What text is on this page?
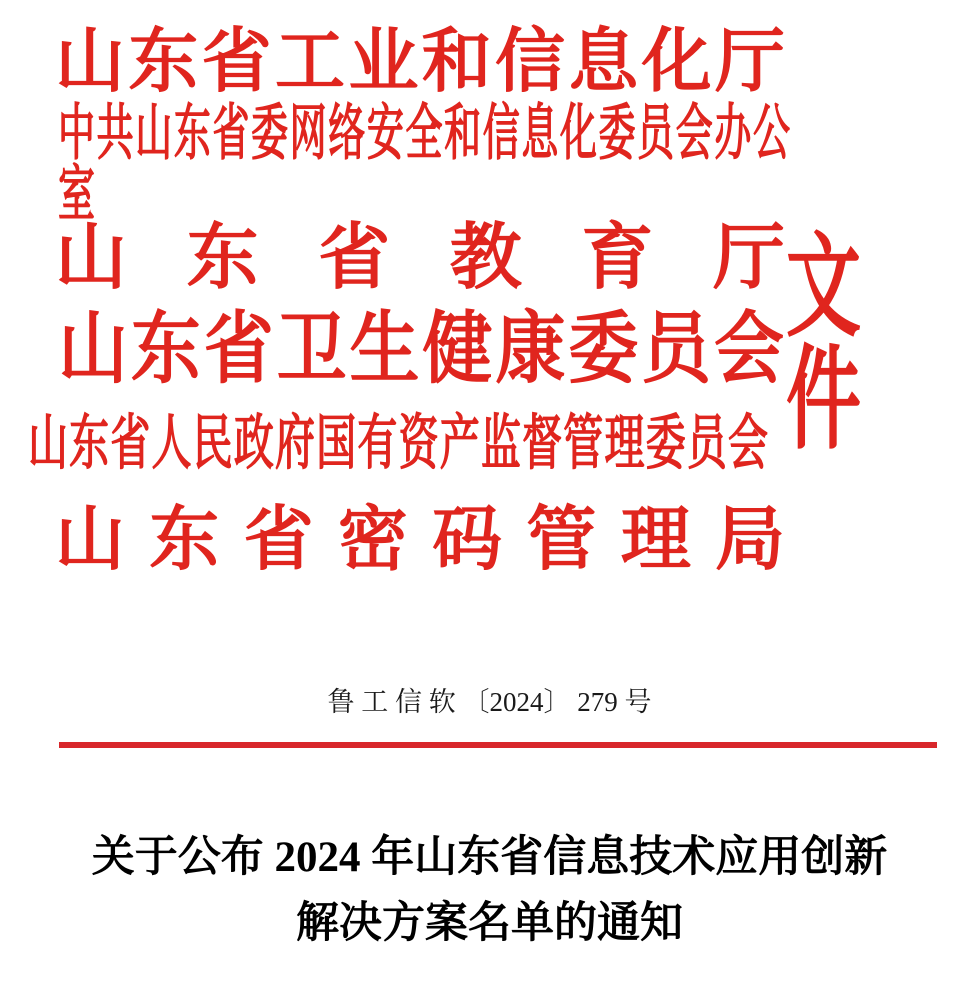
山东省工业和信息化厅
中共山东省委网络安全和信息化委员会办公室
山东省教育厅
山东省卫生健康委员会
山东省人民政府国有资产监督管理委员会
山东省密码管理局
文件
鲁 工 信 软 〔2024〕 279 号
关于公布 2024 年山东省信息技术应用创新
解决方案名单的通知
